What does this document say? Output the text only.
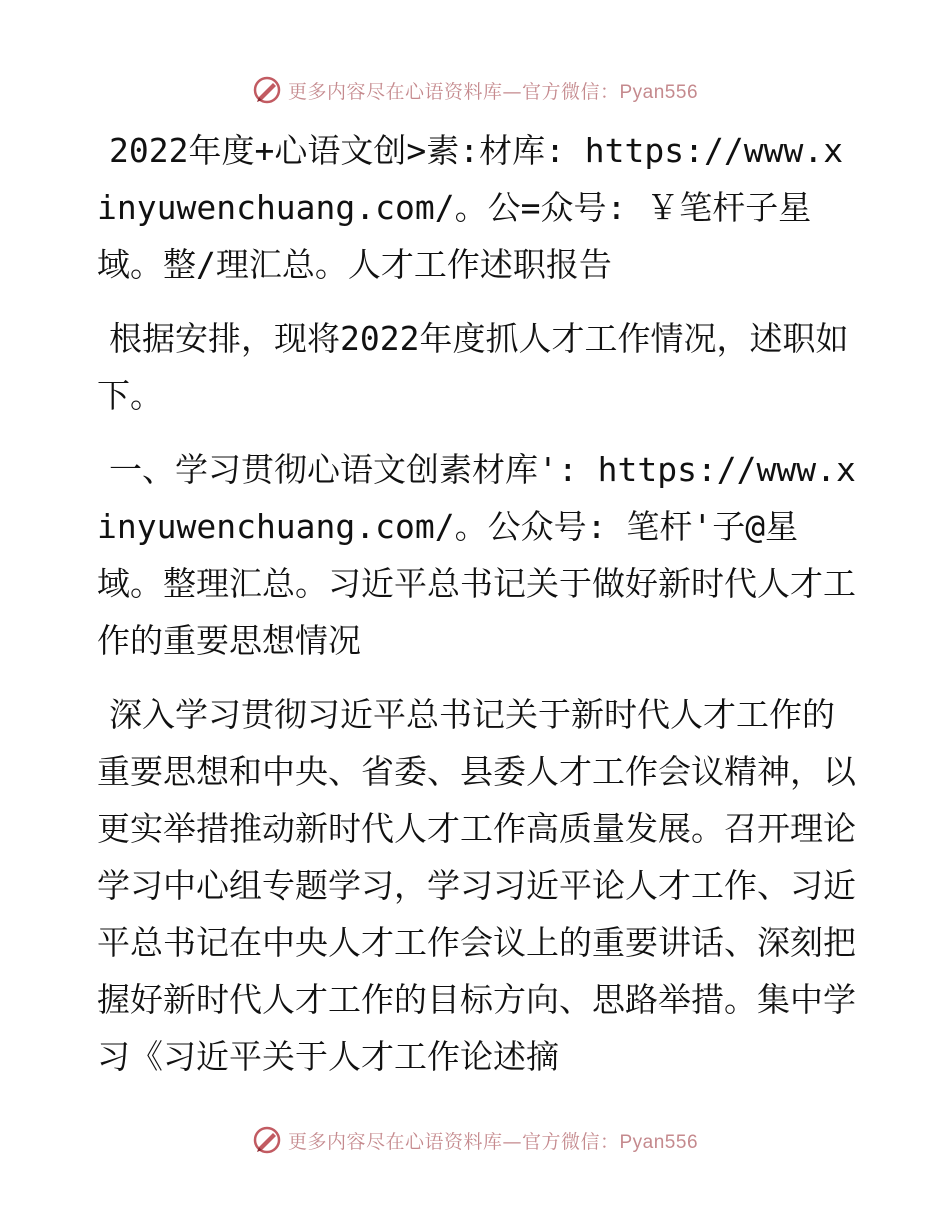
更多内容尽在心语资料库—官方微信：Pyan556

2022年度+心语文创>素:材库: https://www.xinyuwenchuang.com/。公=众号: ￥笔杆子星域。整/理汇总。人才工作述职报告

根据安排，现将2022年度抓人才工作情况，述职如下。

一、学习贯彻心语文创素材库': https://www.xinyuwenchuang.com/。公众号: 笔杆'子@星域。整理汇总。习近平总书记关于做好新时代人才工作的重要思想情况

深入学习贯彻习近平总书记关于新时代人才工作的重要思想和中央、省委、县委人才工作会议精神，以更实举措推动新时代人才工作高质量发展。召开理论学习中心组专题学习，学习习近平论人才工作、习近平总书记在中央人才工作会议上的重要讲话、深刻把握好新时代人才工作的目标方向、思路举措。集中学习《习近平关于人才工作论述摘

更多内容尽在心语资料库—官方微信：Pyan556
